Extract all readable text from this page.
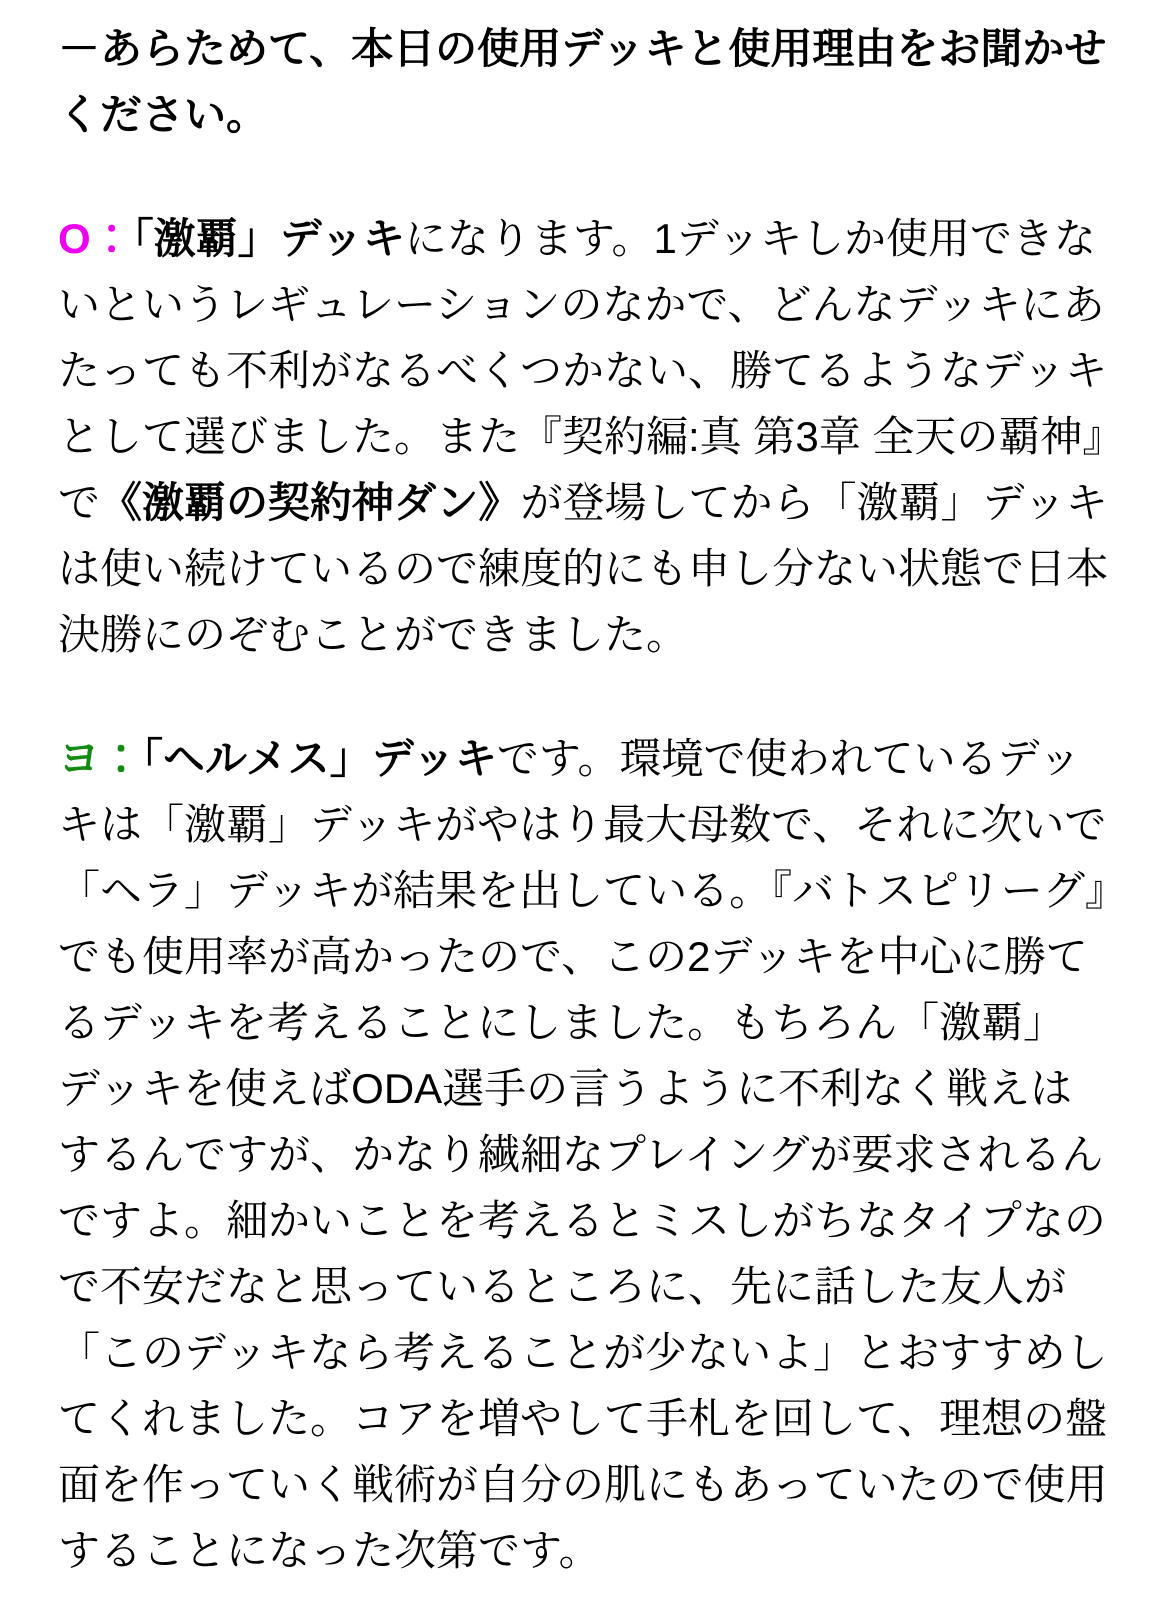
－あらためて、本日の使用デッキと使用理由をお聞かせください。

O：「激覇」デッキになります。1デッキしか使用できないというレギュレーションのなかで、どんなデッキにあたっても不利がなるべくつかない、勝てるようなデッキとして選びました。また『契約編:真 第3章 全天の覇神』で《激覇の契約神ダン》が登場してから「激覇」デッキは使い続けているので練度的にも申し分ない状態で日本決勝にのぞむことができました。

ヨ：「ヘルメス」デッキです。環境で使われているデッキは「激覇」デッキがやはり最大母数で、それに次いで「ヘラ」デッキが結果を出している。『バトスピリーグ』でも使用率が高かったので、この2デッキを中心に勝てるデッキを考えることにしました。もちろん「激覇」デッキを使えばODA選手の言うように不利なく戦えはするんですが、かなり繊細なプレイングが要求されるんですよ。細かいことを考えるとミスしがちなタイプなので不安だなと思っているところに、先に話した友人が「このデッキなら考えることが少ないよ」とおすすめしてくれました。コアを増やして手札を回して、理想の盤面を作っていく戦術が自分の肌にもあっていたので使用することになった次第です。
